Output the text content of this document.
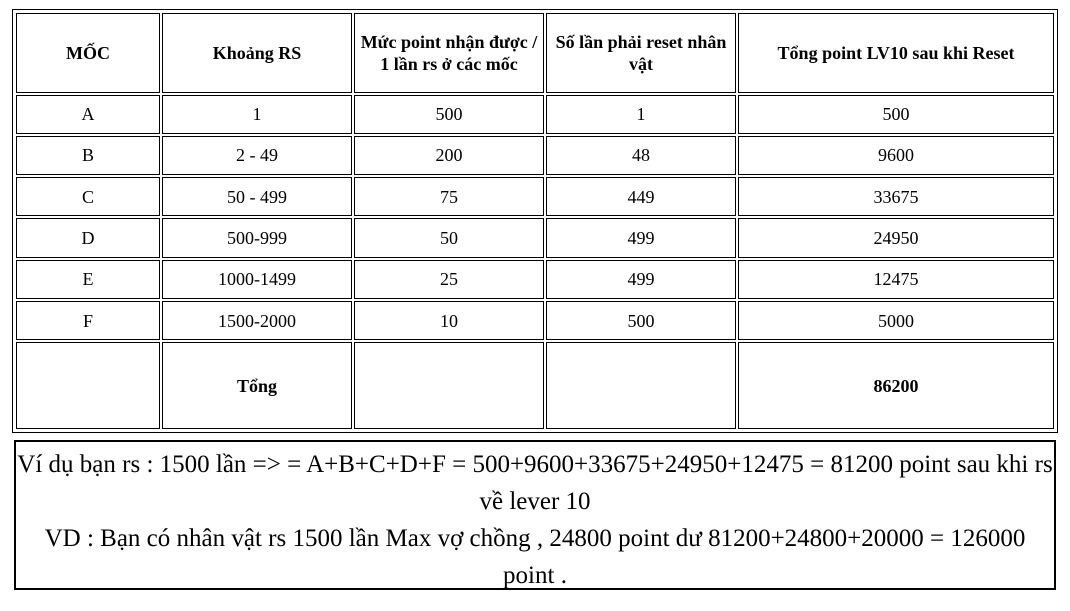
MỐC	Khoảng RS	Mức point nhận được / 1 lần rs ở các mốc	Số lần phải reset nhân vật	Tổng point LV10 sau khi Reset
A	1	500	1	500
B	2 - 49	200	48	9600
C	50 - 499	75	449	33675
D	500-999	50	499	24950
E	1000-1499	25	499	12475
F	1500-2000	10	500	5000
	Tổng			86200

Ví dụ bạn rs : 1500 lần => = A+B+C+D+F = 500+9600+33675+24950+12475 = 81200 point sau khi rs về lever 10

VD : Bạn có nhân vật rs 1500 lần Max vợ chồng , 24800 point dư 81200+24800+20000 = 126000 point .
